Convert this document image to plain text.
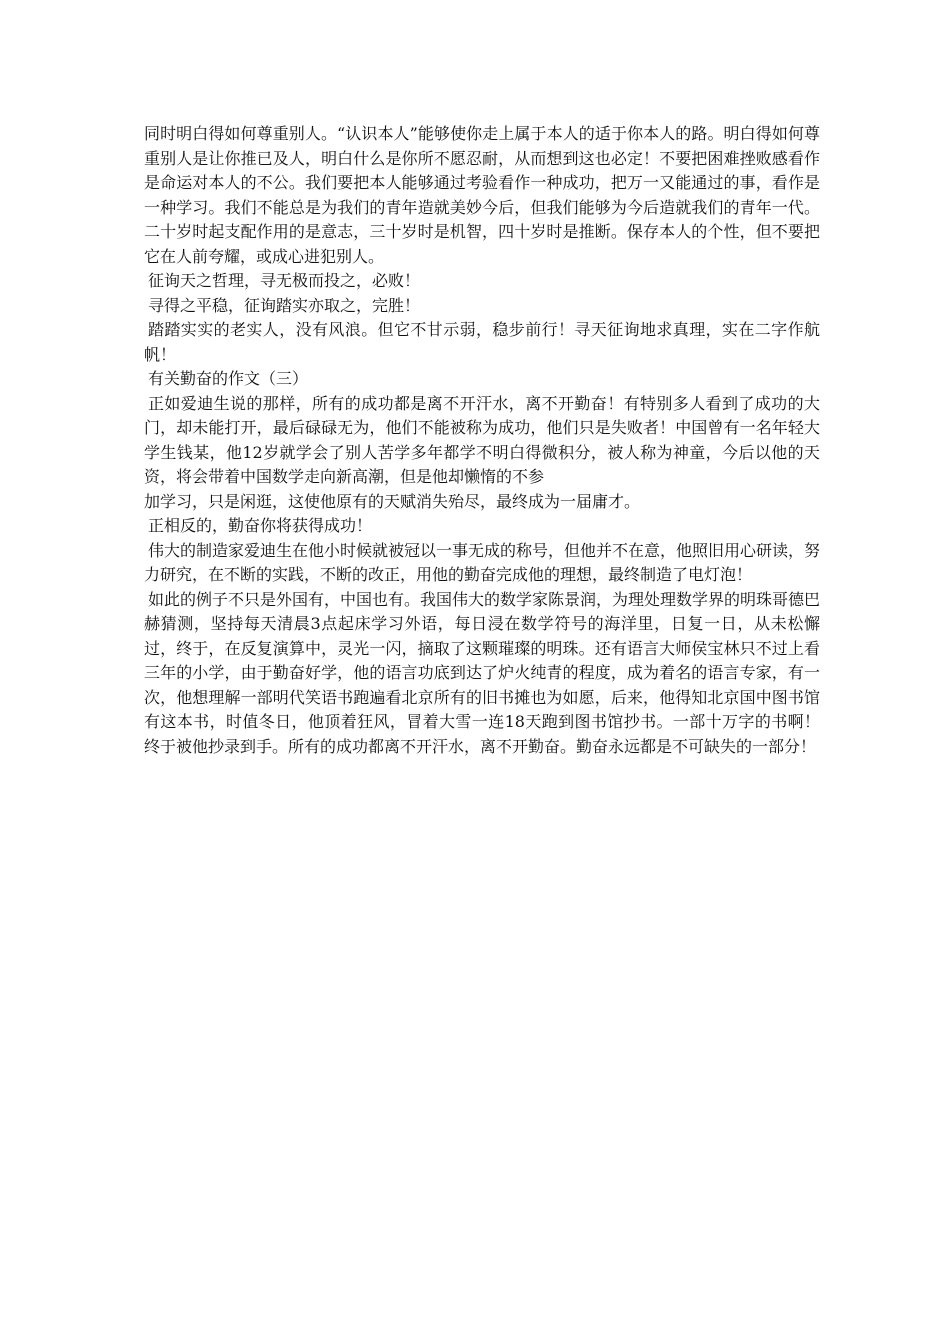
同时明白得如何尊重别人。“认识本人”能够使你走上属于本人的适于你本人的路。明白得如何尊重别人是让你推已及人，明白什么是你所不愿忍耐，从而想到这也必定！不要把困难挫败感看作是命运对本人的不公。我们要把本人能够通过考验看作一种成功，把万一又能通过的事，看作是一种学习。我们不能总是为我们的青年造就美妙今后，但我们能够为今后造就我们的青年一代。二十岁时起支配作用的是意志，三十岁时是机智，四十岁时是推断。保存本人的个性，但不要把它在人前夸耀，或成心进犯别人。

征询天之哲理，寻无极而投之，必败！

寻得之平稳，征询踏实亦取之，完胜！

踏踏实实的老实人，没有风浪。但它不甘示弱，稳步前行！寻天征询地求真理，实在二字作航帆！

有关勤奋的作文（三）

正如爱迪生说的那样，所有的成功都是离不开汗水，离不开勤奋！有特别多人看到了成功的大门，却未能打开，最后碌碌无为，他们不能被称为成功，他们只是失败者！中国曾有一名年轻大学生钱某，他12岁就学会了别人苦学多年都学不明白得微积分，被人称为神童，今后以他的天资，将会带着中国数学走向新高潮，但是他却懒惰的不参

加学习，只是闲逛，这使他原有的天赋消失殆尽，最终成为一届庸才。

正相反的，勤奋你将获得成功！

伟大的制造家爱迪生在他小时候就被冠以一事无成的称号，但他并不在意，他照旧用心研读，努力研究，在不断的实践，不断的改正，用他的勤奋完成他的理想，最终制造了电灯泡！

如此的例子不只是外国有，中国也有。我国伟大的数学家陈景润，为理处理数学界的明珠哥德巴赫猜测，坚持每天清晨3点起床学习外语，每日浸在数学符号的海洋里，日复一日，从未松懈过，终于，在反复演算中，灵光一闪，摘取了这颗璀璨的明珠。还有语言大师侯宝林只不过上看三年的小学，由于勤奋好学，他的语言功底到达了炉火纯青的程度，成为着名的语言专家，有一次，他想理解一部明代笑语书跑遍看北京所有的旧书摊也为如愿，后来，他得知北京国中图书馆有这本书，时值冬日，他顶着狂风，冒着大雪一连18天跑到图书馆抄书。一部十万字的书啊！终于被他抄录到手。所有的成功都离不开汗水，离不开勤奋。勤奋永远都是不可缺失的一部分！
